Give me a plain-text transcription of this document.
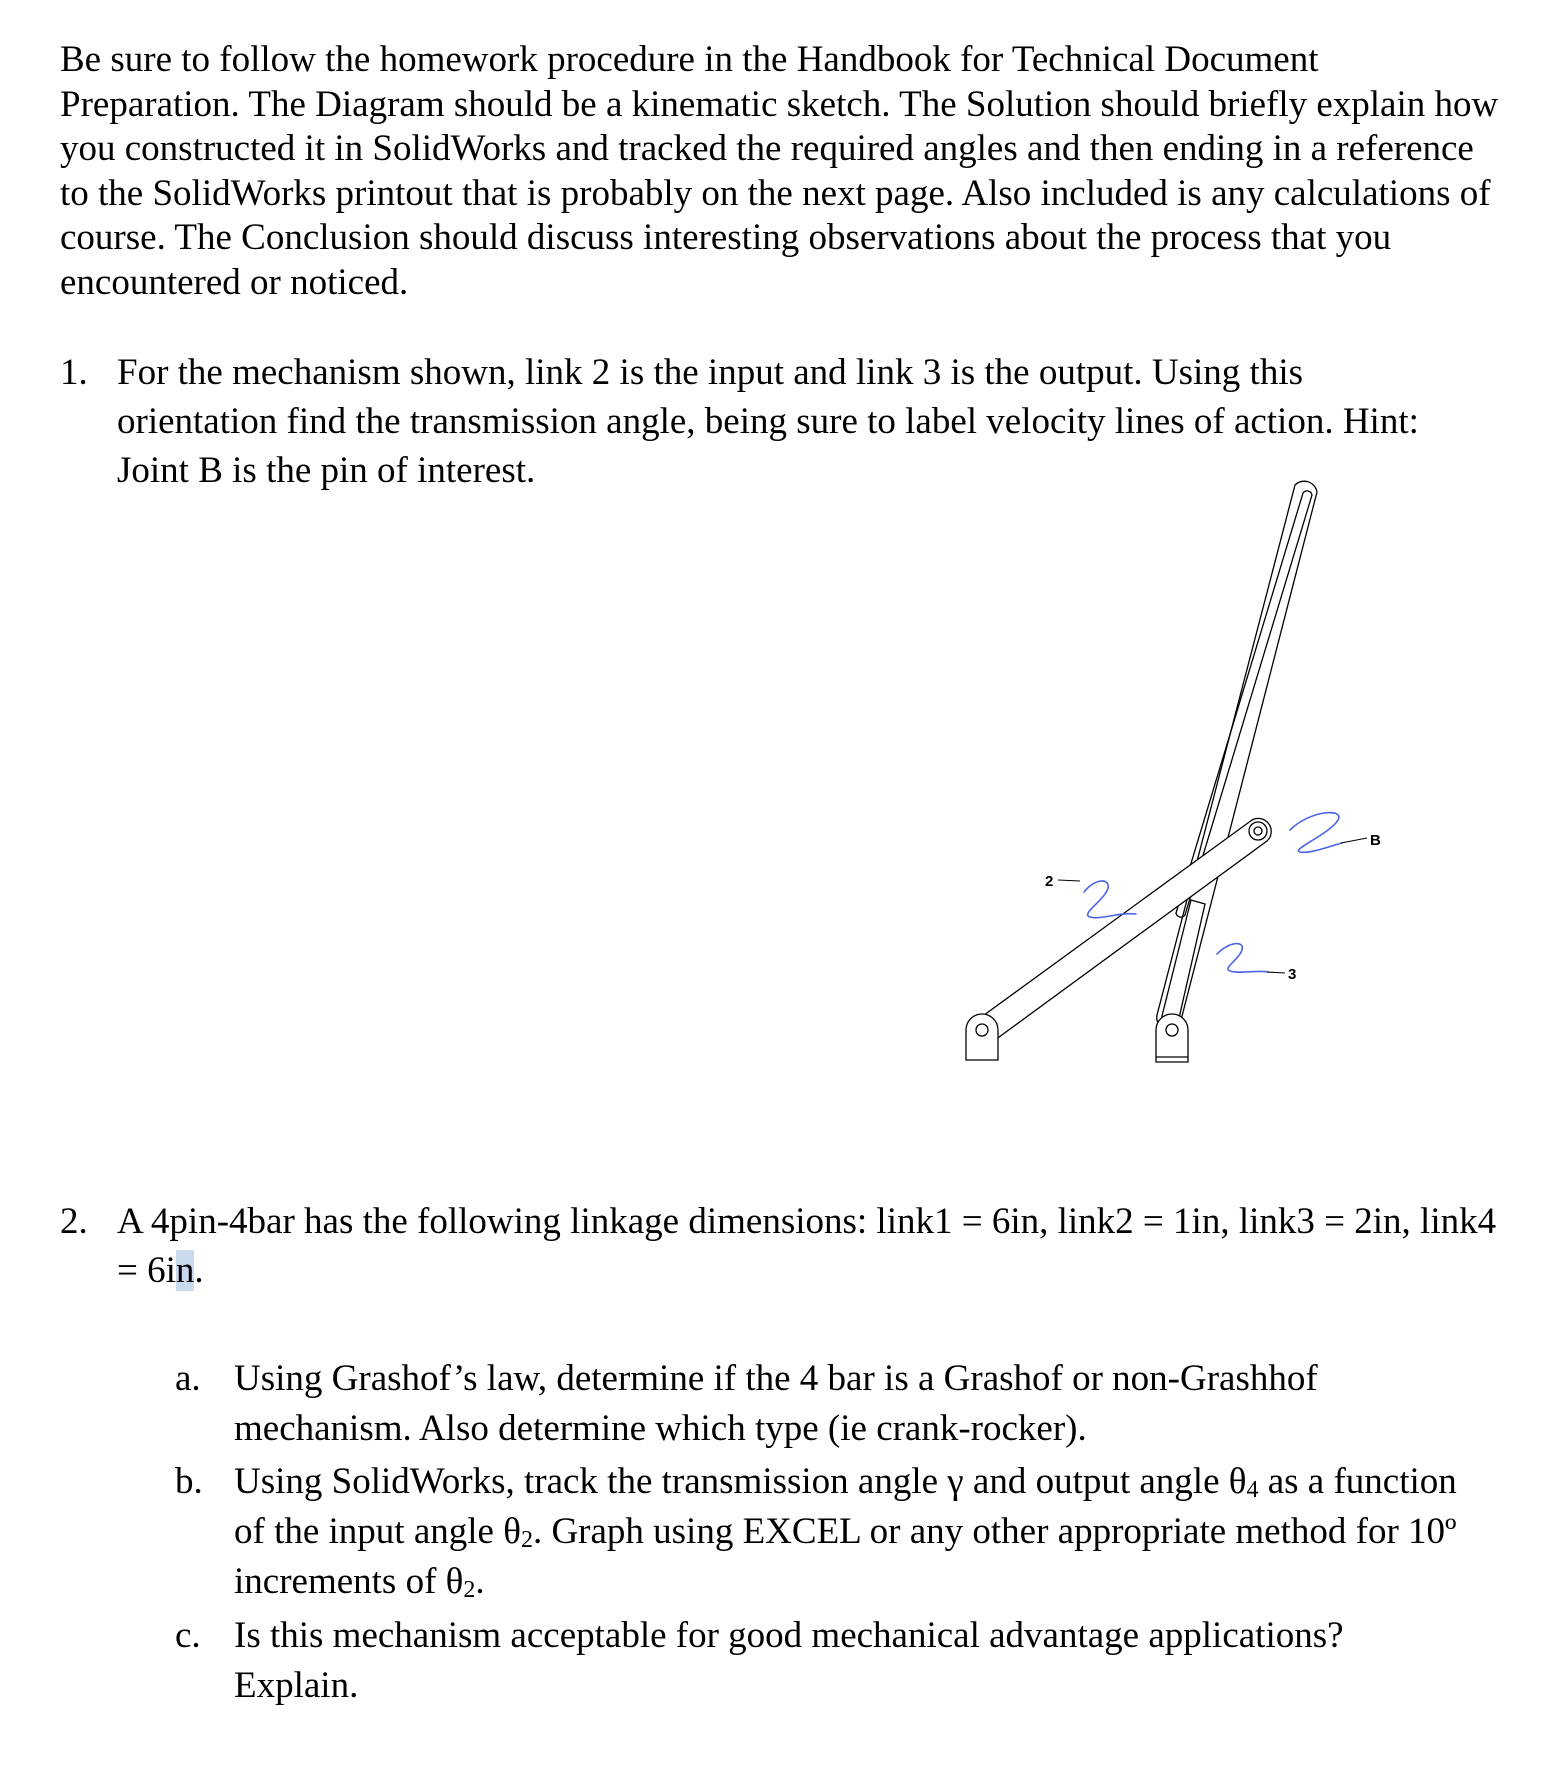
Be sure to follow the homework procedure in the Handbook for Technical Document Preparation. The Diagram should be a kinematic sketch. The Solution should briefly explain how you constructed it in SolidWorks and tracked the required angles and then ending in a reference to the SolidWorks printout that is probably on the next page. Also included is any calculations of course. The Conclusion should discuss interesting observations about the process that you encountered or noticed.

1. For the mechanism shown, link 2 is the input and link 3 is the output. Using this orientation find the transmission angle, being sure to label velocity lines of action. Hint: Joint B is the pin of interest.
2
B
3
2. A 4pin-4bar has the following linkage dimensions: link1 = 6in, link2 = 1in, link3 = 2in, link4 = 6in.
a. Using Grashof’s law, determine if the 4 bar is a Grashof or non-Grashhof mechanism. Also determine which type (ie crank-rocker).
b. Using SolidWorks, track the transmission angle γ and output angle $\theta_4$ as a function of the input angle $\theta_2$. Graph using EXCEL or any other appropriate method for 10º increments of $\theta_2$.
c. Is this mechanism acceptable for good mechanical advantage applications? Explain.
